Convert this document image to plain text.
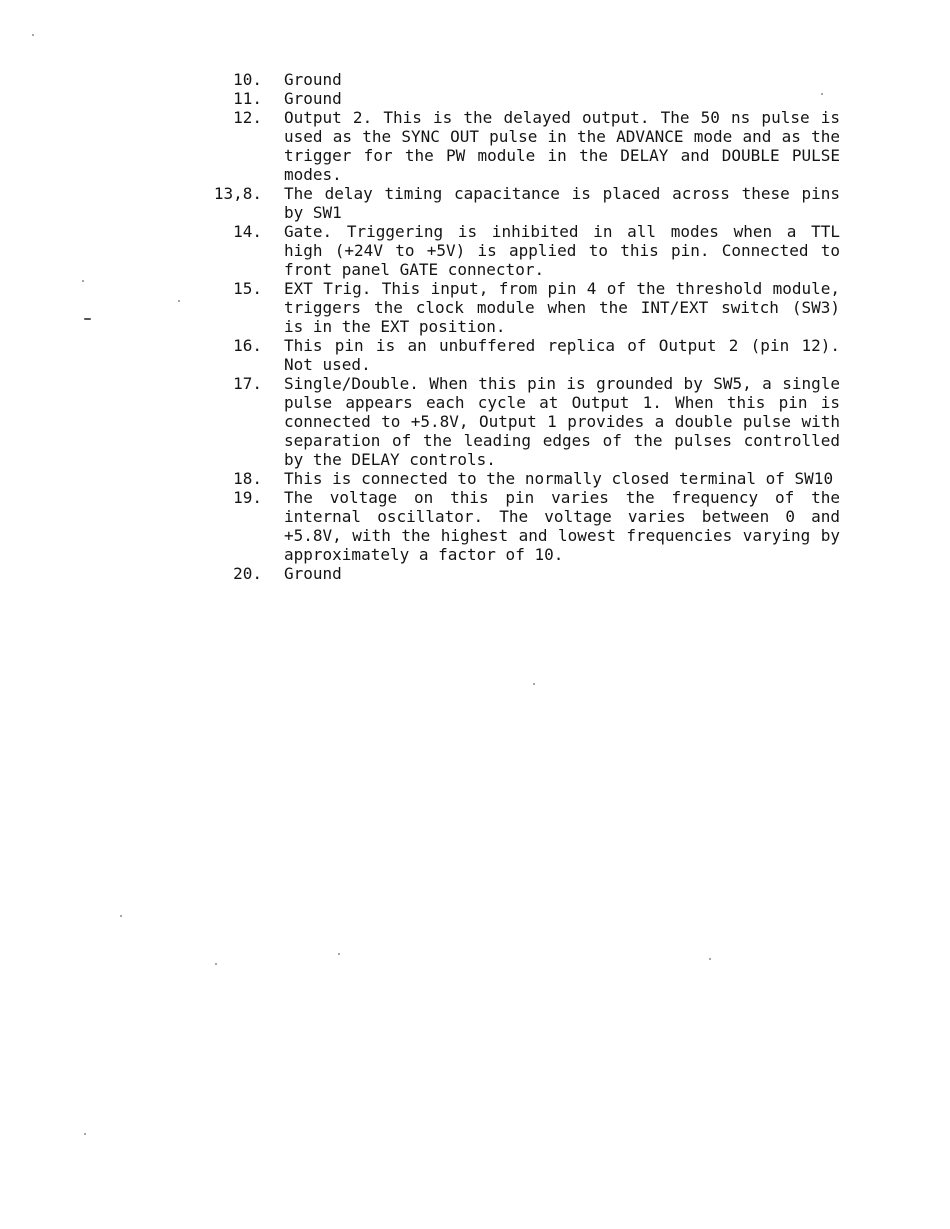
10. Ground
11. Ground
12. Output 2. This is the delayed output. The 50 ns pulse is used as the SYNC OUT pulse in the ADVANCE mode and as the trigger for the PW module in the DELAY and DOUBLE PULSE modes.
13,8. The delay timing capacitance is placed across these pins by SW1
14. Gate. Triggering is inhibited in all modes when a TTL high (+24V to +5V) is applied to this pin. Connected to front panel GATE connector.
15. EXT Trig. This input, from pin 4 of the threshold module, triggers the clock module when the INT/EXT switch (SW3) is in the EXT position.
16. This pin is an unbuffered replica of Output 2 (pin 12). Not used.
17. Single/Double. When this pin is grounded by SW5, a single pulse appears each cycle at Output 1. When this pin is connected to +5.8V, Output 1 provides a double pulse with separation of the leading edges of the pulses controlled by the DELAY controls.
18. This is connected to the normally closed terminal of SW10
19. The voltage on this pin varies the frequency of the internal oscillator. The voltage varies between 0 and +5.8V, with the highest and lowest frequencies varying by approximately a factor of 10.
20. Ground
